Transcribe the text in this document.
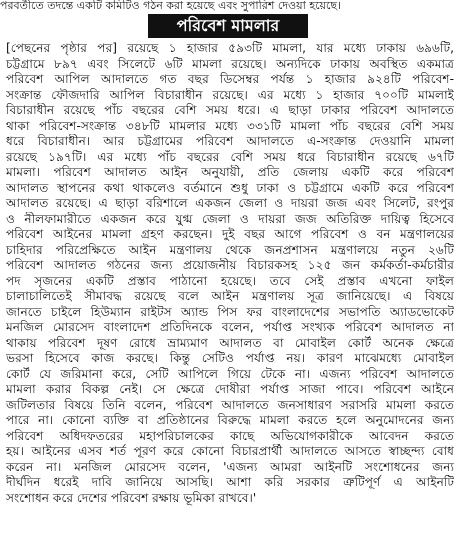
পরবর্তীতে তদন্তে একটি কমিটিও গঠন করা হয়েছে এবং সুপারিশ দেওয়া হয়েছে।
পরিবেশ মামলার
[পেছনের পৃষ্ঠার পর] রয়েছে ১ হাজার ৫৯৩টি মামলা, যার মধ্যে ঢাকায় ৬৯৬টি,
চট্টগ্রামে ৮৯৭ এবং সিলেটে ৬টি মামলা রয়েছে। অন্যদিকে ঢাকায় অবস্থিত একমাত্র
পরিবেশ আপিল আদালতে গত বছর ডিসেম্বর পর্যন্ত ১ হাজার ৯২৪টি পরিবেশ-
সংক্রান্ত ফৌজদারি আপিল বিচারাধীন রয়েছে। এর মধ্যে ১ হাজার ৭০০টি মামলাই
বিচারাধীন রয়েছে পাঁচ বছরের বেশি সময় ধরে। এ ছাড়া ঢাকার পরিবেশ আদালতে
থাকা পরিবেশ-সংক্রান্ত ৩৪৮টি মামলার মধ্যে ৩৩১টি মামলা পাঁচ বছরের বেশি সময়
ধরে বিচারাধীন। আর চট্টগ্রামের পরিবেশ আদালতে এ-সংক্রান্ত দেওয়ানি মামলা
রয়েছে ১৯৭টি। এর মধ্যে পাঁচ বছরের বেশি সময় ধরে বিচারাধীন রয়েছে ৬৭টি
মামলা। পরিবেশ আদালত আইন অনুযায়ী, প্রতি জেলায় একটি করে পরিবেশ
আদালত স্থাপনের কথা থাকলেও বর্তমানে শুধু ঢাকা ও চট্টগ্রামে একটি করে পরিবেশ
আদালত রয়েছে। এ ছাড়া বরিশালে একজন জেলা ও দায়রা জজ এবং সিলেট, রংপুর
ও নীলফামারীতে একজন করে যুগ্ম জেলা ও দায়রা জজ অতিরিক্ত দায়িত্ব হিসেবে
পরিবেশ আইনের মামলা গ্রহণ করছেন। দুই বছর আগে পরিবেশ ও বন মন্ত্রণালয়ের
চাহিদার পরিপ্রেক্ষিতে আইন মন্ত্রণালয় থেকে জনপ্রশাসন মন্ত্রণালয়ে নতুন ২৬টি
পরিবেশ আদালত গঠনের জন্য প্রয়োজনীয় বিচারকসহ ১২৫ জন কর্মকর্তা-কর্মচারীর
পদ সৃজনের একটি প্রস্তাব পাঠানো হয়েছে। তবে সেই প্রস্তাব এখনো ফাইল
চালাচালিতেই সীমাবদ্ধ রয়েছে বলে আইন মন্ত্রণালয় সূত্র জানিয়েছে। এ বিষয়ে
জানতে চাইলে হিউম্যান রাইটস অ্যান্ড পিস ফর বাংলাদেশের সভাপতি অ্যাডভোকেট
মনজিল মোরসেদ বাংলাদেশ প্রতিদিনকে বলেন, পর্যাপ্ত সংখ্যক পরিবেশ আদালত না
থাকায় পরিবেশ দূষণ রোধে ভ্রাম্যমাণ আদালত বা মোবাইল কোর্ট অনেক ক্ষেত্রে
ভরসা হিসেবে কাজ করছে। কিন্তু সেটিও পর্যাপ্ত নয়। কারণ মাঝেমধ্যে মোবাইল
কোর্ট যে জরিমানা করে, সেটি আপিলে গিয়ে টেকে না। এজন্য পরিবেশ আদালতে
মামলা করার বিকল্প নেই। সে ক্ষেত্রে দোষীরা পর্যাপ্ত সাজা পাবে। পরিবেশ আইনে
জটিলতার বিষয়ে তিনি বলেন, পরিবেশ আদালতে জনসাধারণ সরাসরি মামলা করতে
পারে না। কোনো ব্যক্তি বা প্রতিষ্ঠানের বিরুদ্ধে মামলা করতে হলে অনুমোদনের জন্য
পরিবেশ অধিদফতরের মহাপরিচালকের কাছে অভিযোগকারীকে আবেদন করতে
হয়। আইনের এসব শর্ত পূরণ করে কোনো বিচারপ্রার্থী আদালতে আসতে স্বাচ্ছন্দ্য বোধ
করেন না। মনজিল মোরসেদ বলেন, 'এজন্য আমরা আইনটি সংশোধনের জন্য
দীর্ঘদিন ধরেই দাবি জানিয়ে আসছি। আশা করি সরকার ত্রুটিপূর্ণ এ আইনটি
সংশোধন করে দেশের পরিবেশ রক্ষায় ভূমিকা রাখবে।'
